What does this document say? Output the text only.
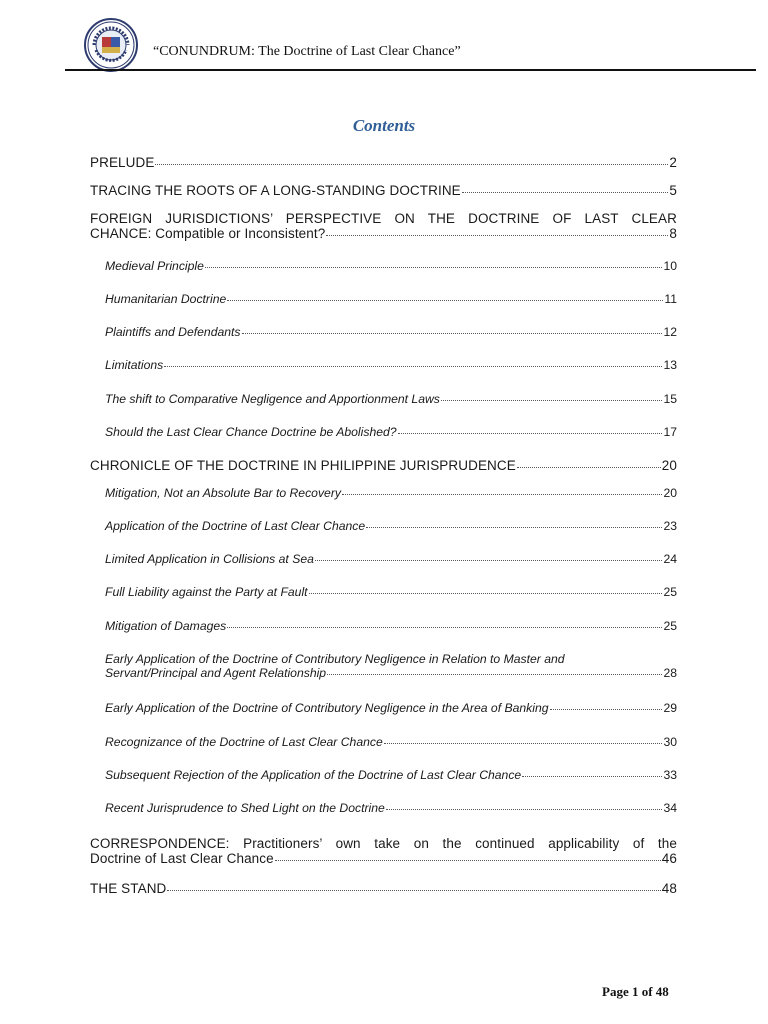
“CONUNDRUM: The Doctrine of Last Clear Chance”
Contents
PRELUDE	2
TRACING THE ROOTS OF A LONG-STANDING DOCTRINE	5
FOREIGN JURISDICTIONS’ PERSPECTIVE ON THE DOCTRINE OF LAST CLEAR
CHANCE: Compatible or Inconsistent?	8
Medieval Principle	10
Humanitarian Doctrine	11
Plaintiffs and Defendants	12
Limitations	13
The shift to Comparative Negligence and Apportionment Laws	15
Should the Last Clear Chance Doctrine be Abolished?	17
CHRONICLE OF THE DOCTRINE IN PHILIPPINE JURISPRUDENCE	20
Mitigation, Not an Absolute Bar to Recovery	20
Application of the Doctrine of Last Clear Chance	23
Limited Application in Collisions at Sea	24
Full Liability against the Party at Fault	25
Mitigation of Damages	25
Early Application of the Doctrine of Contributory Negligence in Relation to Master and
Servant/Principal and Agent Relationship	28
Early Application of the Doctrine of Contributory Negligence in the Area of Banking	29
Recognizance of the Doctrine of Last Clear Chance	30
Subsequent Rejection of the Application of the Doctrine of Last Clear Chance	33
Recent Jurisprudence to Shed Light on the Doctrine	34
CORRESPONDENCE: Practitioners’ own take on the continued applicability of the
Doctrine of Last Clear Chance	46
THE STAND	48
Page 1 of 48
